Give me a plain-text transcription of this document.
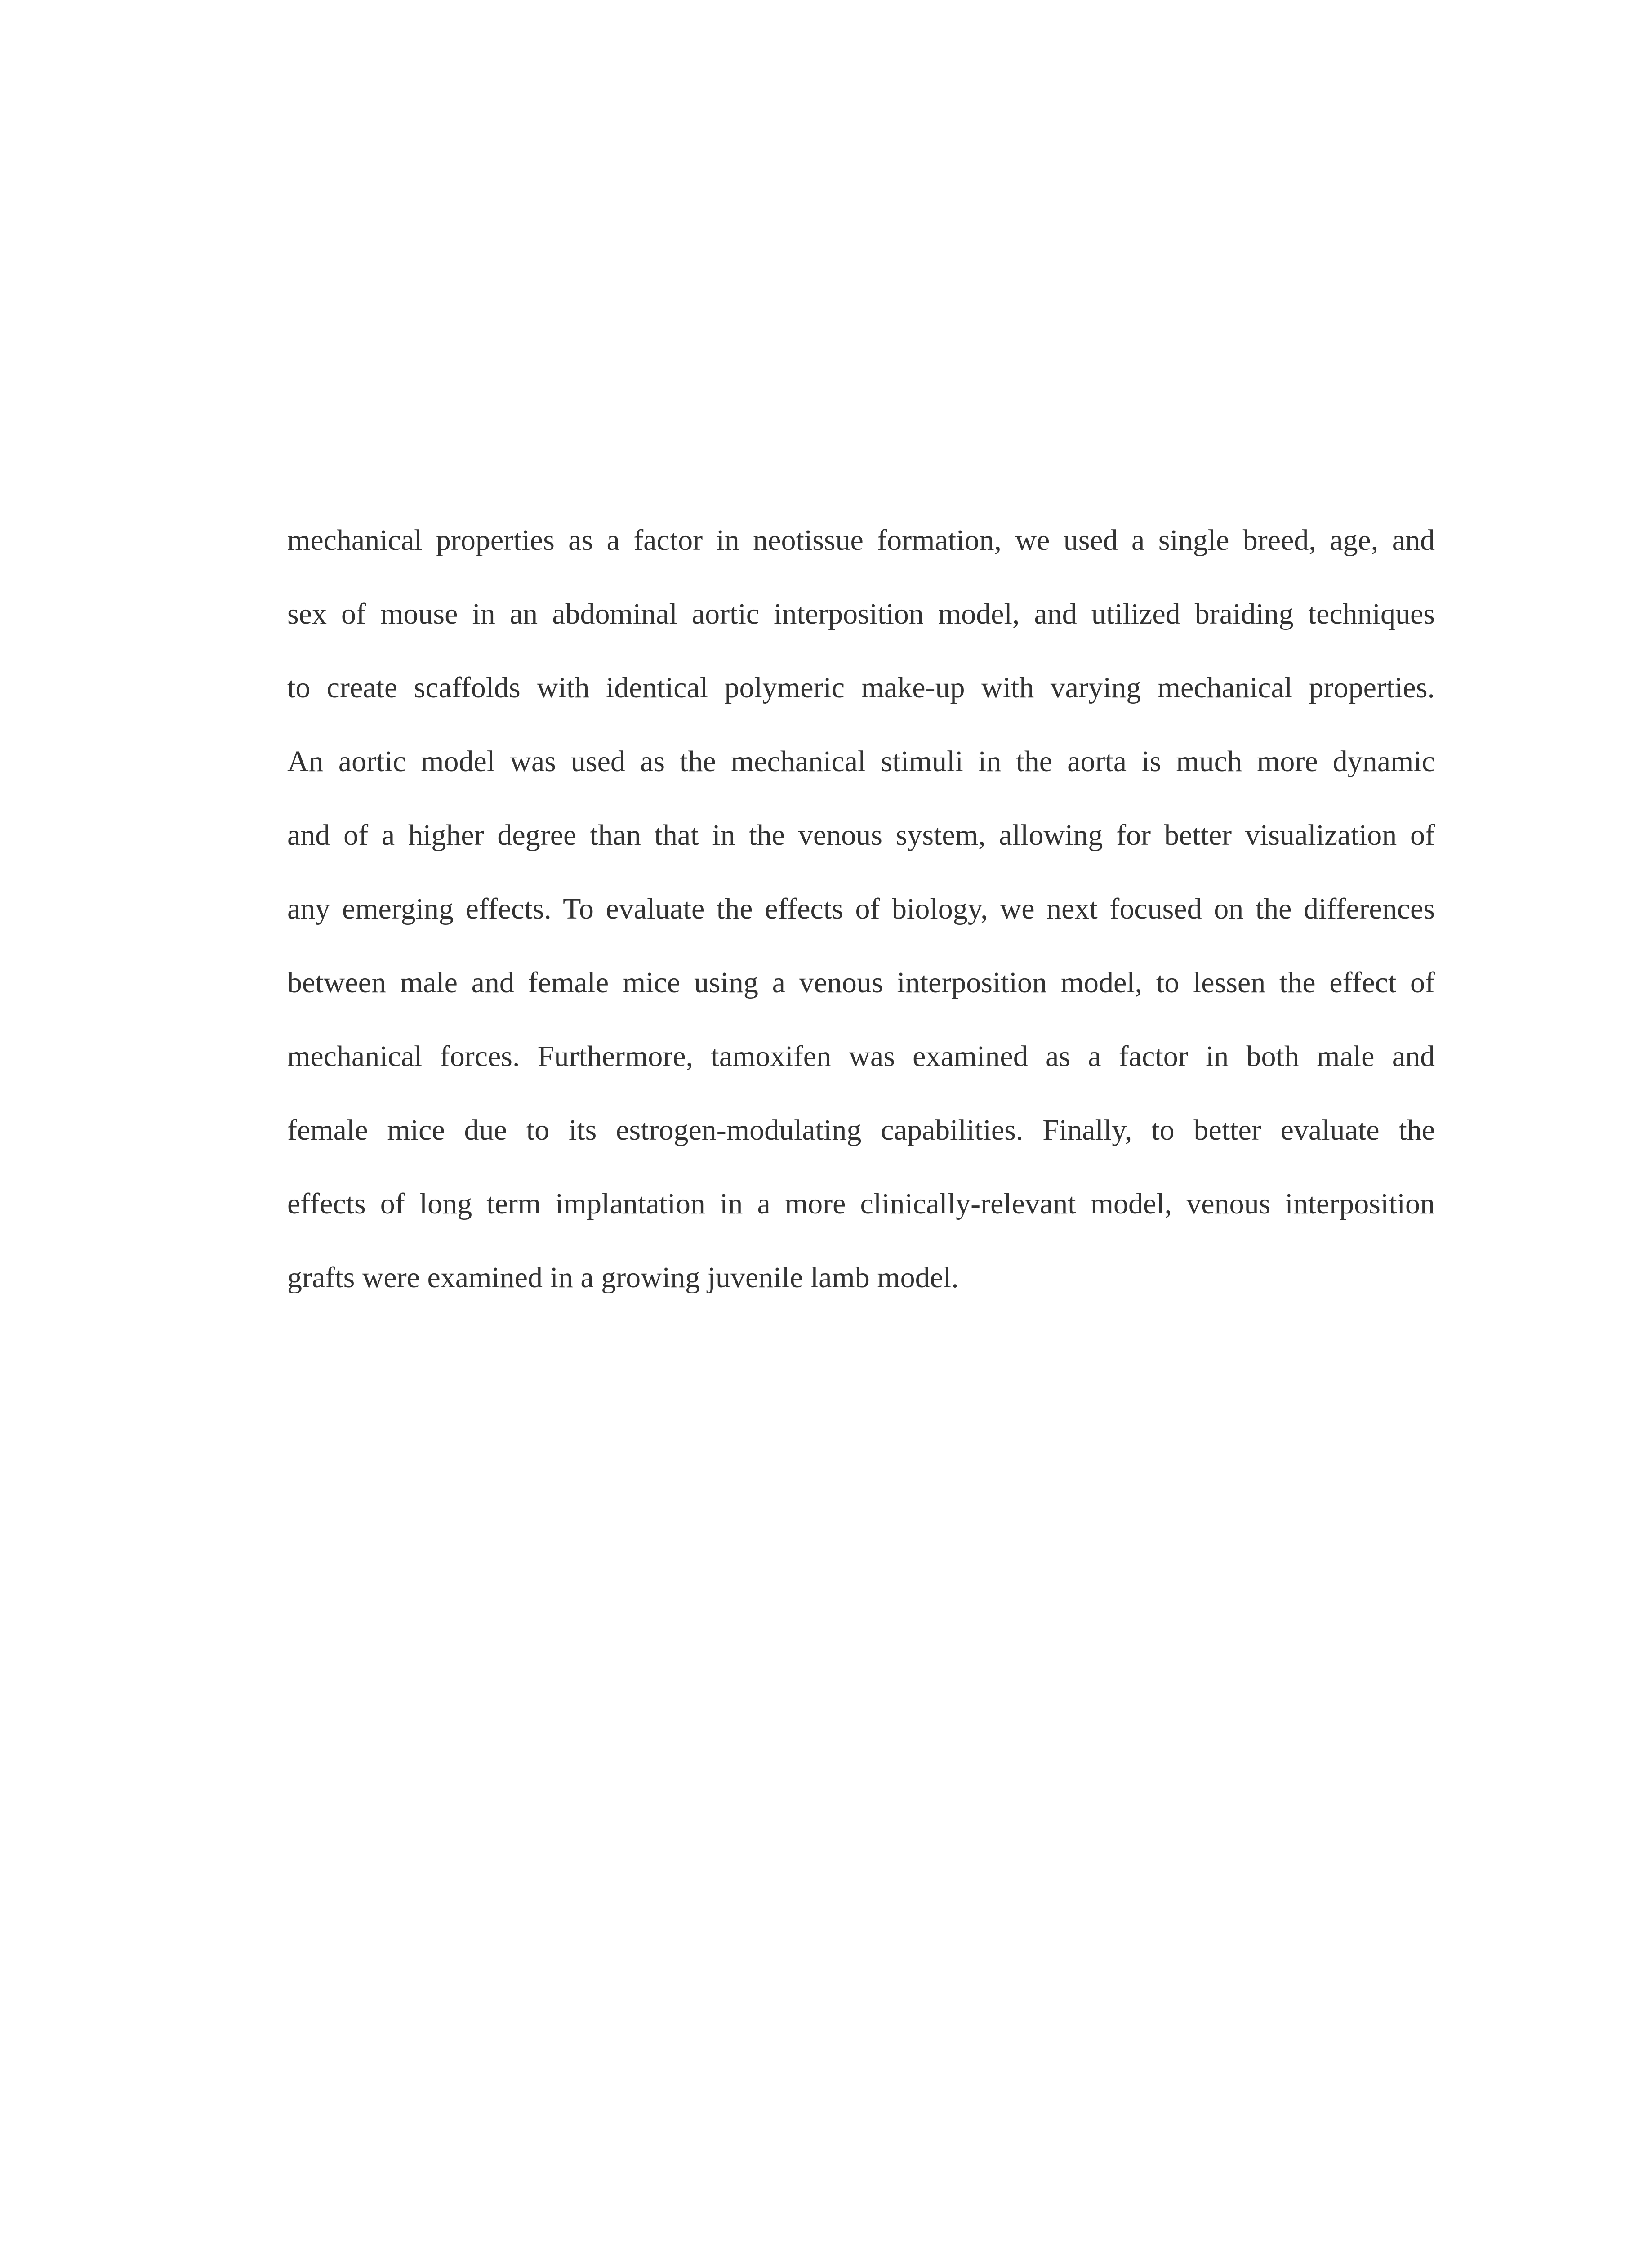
mechanical properties as a factor in neotissue formation, we used a single breed, age, and
sex of mouse in an abdominal aortic interposition model, and utilized braiding techniques
to create scaffolds with identical polymeric make-up with varying mechanical properties.
An aortic model was used as the mechanical stimuli in the aorta is much more dynamic
and of a higher degree than that in the venous system, allowing for better visualization of
any emerging effects. To evaluate the effects of biology, we next focused on the differences
between male and female mice using a venous interposition model, to lessen the effect of
mechanical forces. Furthermore, tamoxifen was examined as a factor in both male and
female mice due to its estrogen-modulating capabilities. Finally, to better evaluate the
effects of long term implantation in a more clinically-relevant model, venous interposition
grafts were examined in a growing juvenile lamb model.
